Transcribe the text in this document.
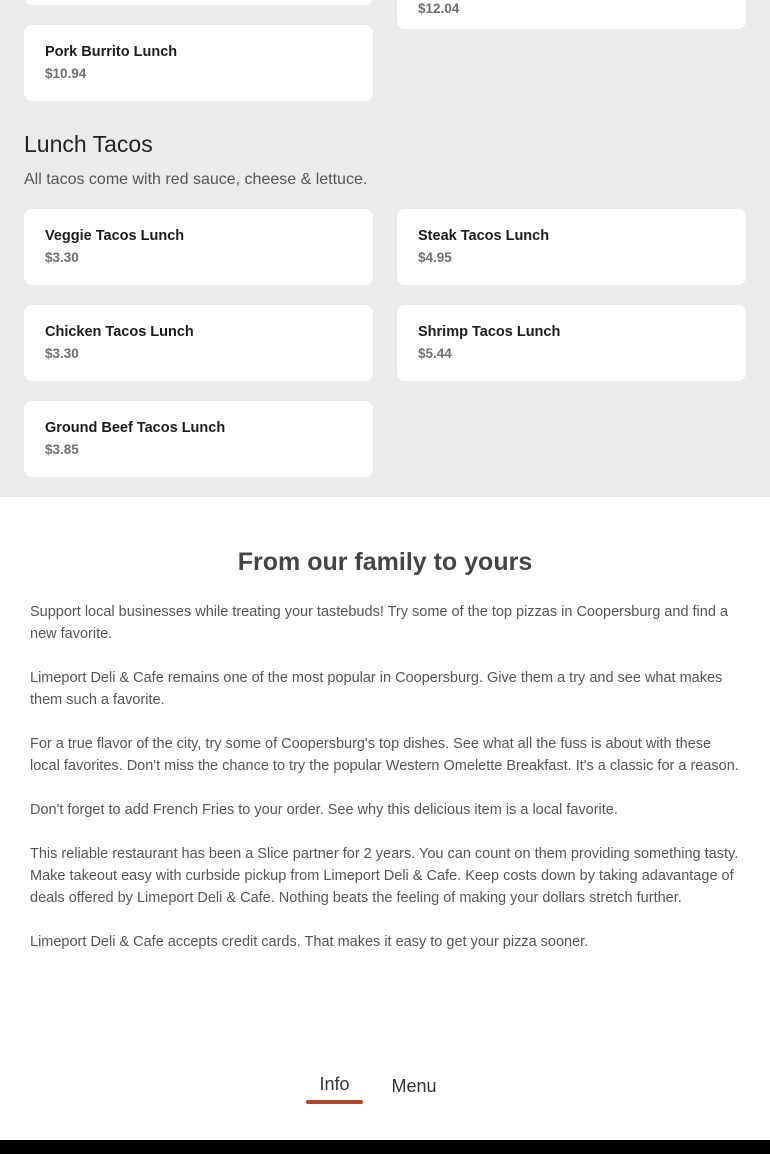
$12.04
Pork Burrito Lunch
$10.94
Lunch Tacos

All tacos come with red sauce, cheese & lettuce.

Veggie Tacos Lunch
$3.30
Steak Tacos Lunch
$4.95
Chicken Tacos Lunch
$3.30
Shrimp Tacos Lunch
$5.44
Ground Beef Tacos Lunch
$3.85
From our family to yours

Support local businesses while treating your tastebuds! Try some of the top pizzas in Coopersburg and find a new favorite.

Limeport Deli & Cafe remains one of the most popular in Coopersburg. Give them a try and see what makes them such a favorite.

For a true flavor of the city, try some of Coopersburg's top dishes. See what all the fuss is about with these local favorites. Don't miss the chance to try the popular Western Omelette Breakfast. It's a classic for a reason.

Don't forget to add French Fries to your order. See why this delicious item is a local favorite.

This reliable restaurant has been a Slice partner for 2 years. You can count on them providing something tasty. Make takeout easy with curbside pickup from Limeport Deli & Cafe. Keep costs down by taking adavantage of deals offered by Limeport Deli & Cafe. Nothing beats the feeling of making your dollars stretch further.

Limeport Deli & Cafe accepts credit cards. That makes it easy to get your pizza sooner.

Info	Menu
